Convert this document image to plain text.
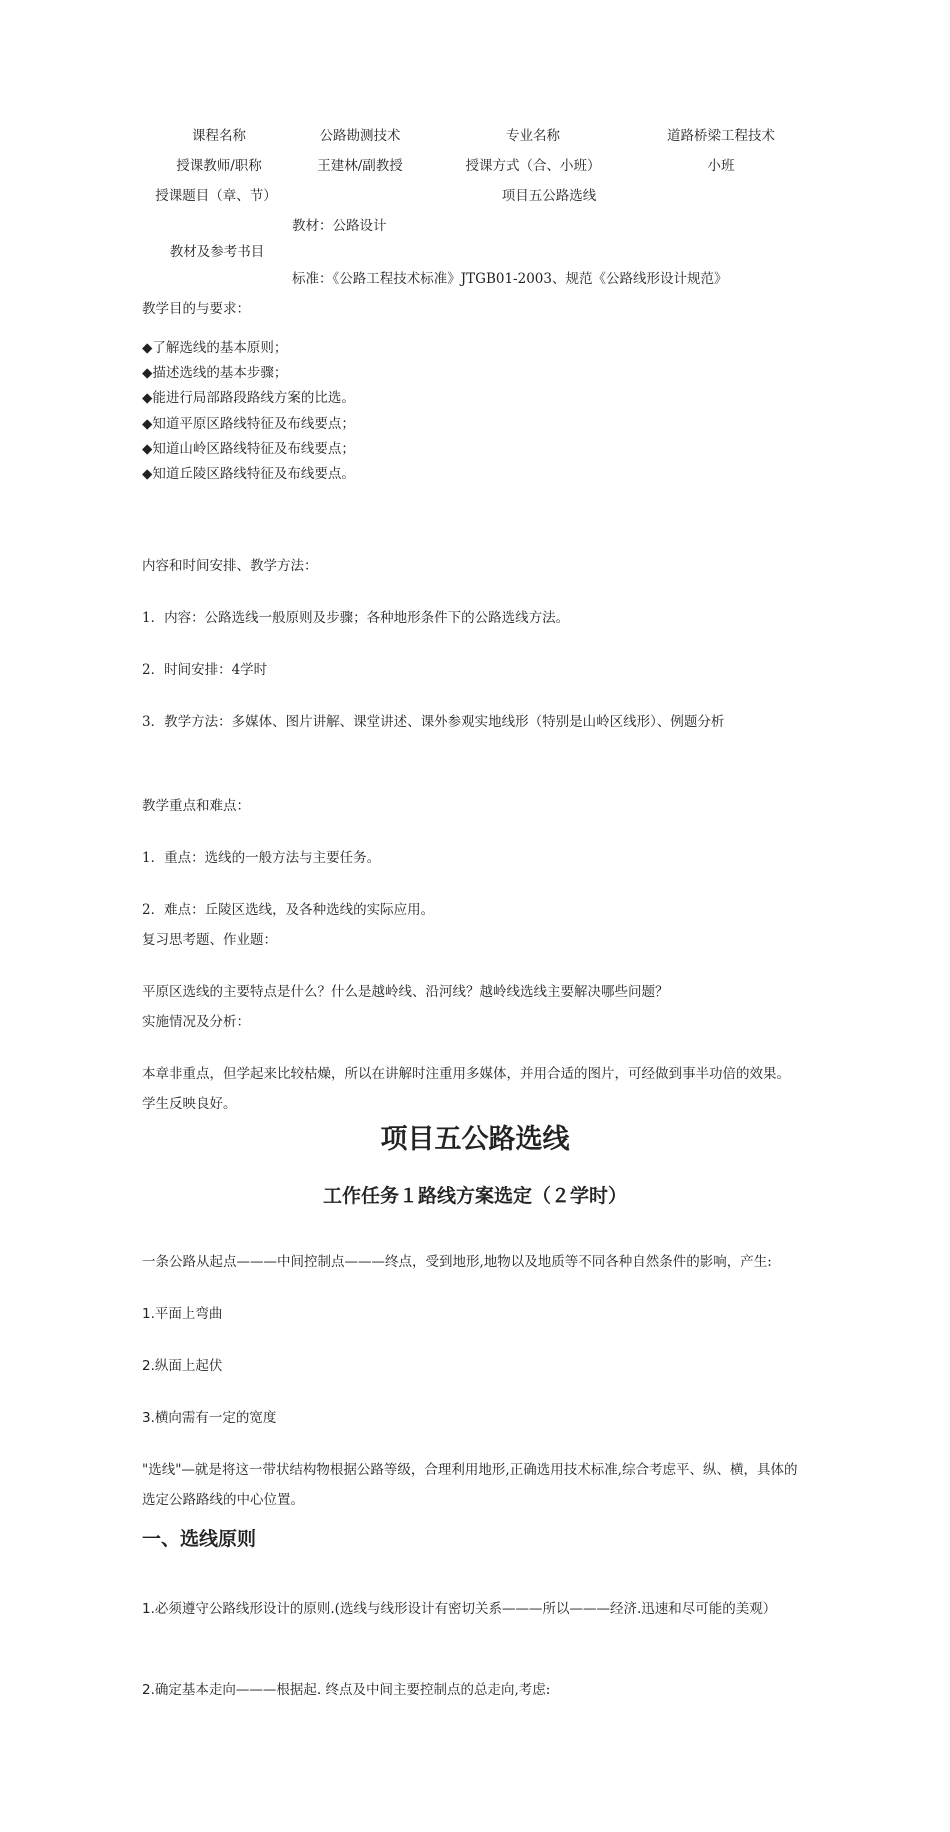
课程名称	公路勘测技术	专业名称	道路桥梁工程技术
授课教师/职称	王建林/副教授	授课方式（合、小班）	小班
授课题目（章、节）	项目五公路选线
教材及参考书目
教材：公路设计
标准：《公路工程技术标准》JTGB01-2003、规范《公路线形设计规范》
教学目的与要求：
◆了解选线的基本原则；
◆描述选线的基本步骤；
◆能进行局部路段路线方案的比选。
◆知道平原区路线特征及布线要点；
◆知道山岭区路线特征及布线要点；
◆知道丘陵区路线特征及布线要点。
内容和时间安排、教学方法：
1．内容：公路选线一般原则及步骤；各种地形条件下的公路选线方法。
2．时间安排：4学时
3．教学方法：多媒体、图片讲解、课堂讲述、课外参观实地线形（特别是山岭区线形）、例题分析
教学重点和难点：
1．重点：选线的一般方法与主要任务。
2．难点：丘陵区选线，及各种选线的实际应用。
复习思考题、作业题：
平原区选线的主要特点是什么？什么是越岭线、沿河线？越岭线选线主要解决哪些问题？
实施情况及分析：
本章非重点，但学起来比较枯燥，所以在讲解时注重用多媒体，并用合适的图片，可经做到事半功倍的效果。学生反映良好。
项目五公路选线
工作任务１路线方案选定（２学时）
一条公路从起点———中间控制点———终点，受到地形,地物以及地质等不同各种自然条件的影响，产生:
1.平面上弯曲
2.纵面上起伏
3.横向需有一定的宽度
"选线"—就是将这一带状结构物根据公路等级，合理利用地形,正确选用技术标准,综合考虑平、纵、横，具体的选定公路路线的中心位置。
一、选线原则
1.必须遵守公路线形设计的原则.(选线与线形设计有密切关系———所以———经济.迅速和尽可能的美观）
2.确定基本走向———根据起. 终点及中间主要控制点的总走向,考虑:
